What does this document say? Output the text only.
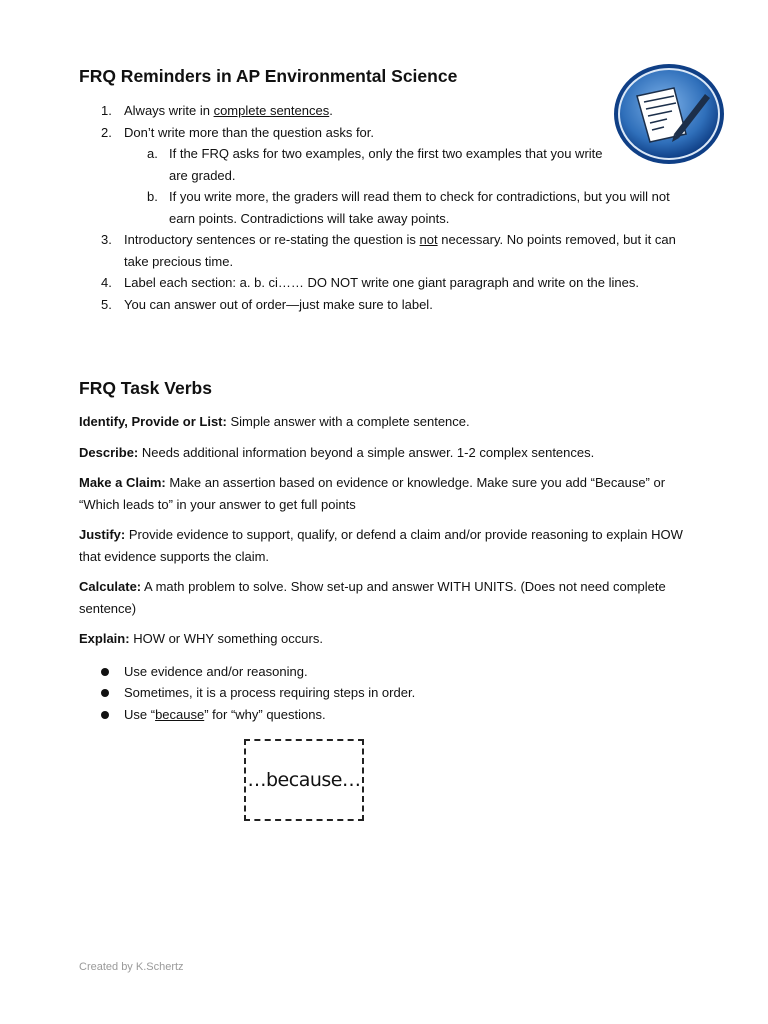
FRQ Reminders in AP Environmental Science
1. Always write in complete sentences.
2. Don’t write more than the question asks for.
a. If the FRQ asks for two examples, only the first two examples that you write are graded.
b. If you write more, the graders will read them to check for contradictions, but you will not earn points. Contradictions will take away points.
3. Introductory sentences or re-stating the question is not necessary. No points removed, but it can take precious time.
4. Label each section: a. b. ci…… DO NOT write one giant paragraph and write on the lines.
5. You can answer out of order—just make sure to label.
FRQ Task Verbs

Identify, Provide or List: Simple answer with a complete sentence.

Describe: Needs additional information beyond a simple answer. 1-2 complex sentences.

Make a Claim: Make an assertion based on evidence or knowledge. Make sure you add “Because” or “Which leads to” in your answer to get full points

Justify: Provide evidence to support, qualify, or defend a claim and/or provide reasoning to explain HOW that evidence supports the claim.

Calculate: A math problem to solve. Show set-up and answer WITH UNITS. (Does not need complete sentence)

Explain: HOW or WHY something occurs.

Use evidence and/or reasoning.
Sometimes, it is a process requiring steps in order.
Use “because” for “why” questions.
…because…
Created by K.Schertz
